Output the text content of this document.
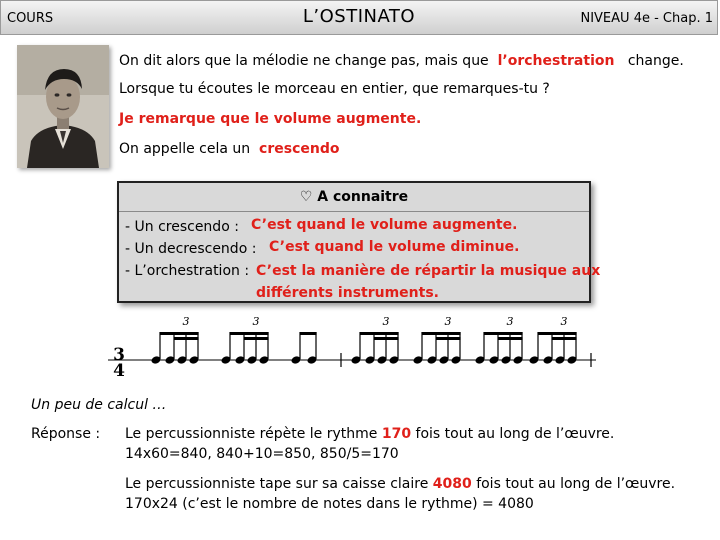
COURS	L’OSTINATO	NIVEAU 4e - Chap. 1
On dit alors que la mélodie ne change pas, mais que l’orchestration change.
Lorsque tu écoutes le morceau en entier, que remarques-tu ?
Je remarque que le volume augmente.
On appelle cela un crescendo
♡ A connaitre
- Un crescendo : C’est quand le volume augmente.
- Un decrescendo : C’est quand le volume diminue.
- L’orchestration : C’est la manière de répartir la musique aux
différents instruments.
3
4
3	3	3	3	3	3
Un peu de calcul …
Réponse : Le percussionniste répète le rythme 170 fois tout au long de l’œuvre.
14x60=840, 840+10=850, 850/5=170
Le percussionniste tape sur sa caisse claire 4080 fois tout au long de l’œuvre.
170x24 (c’est le nombre de notes dans le rythme) = 4080
